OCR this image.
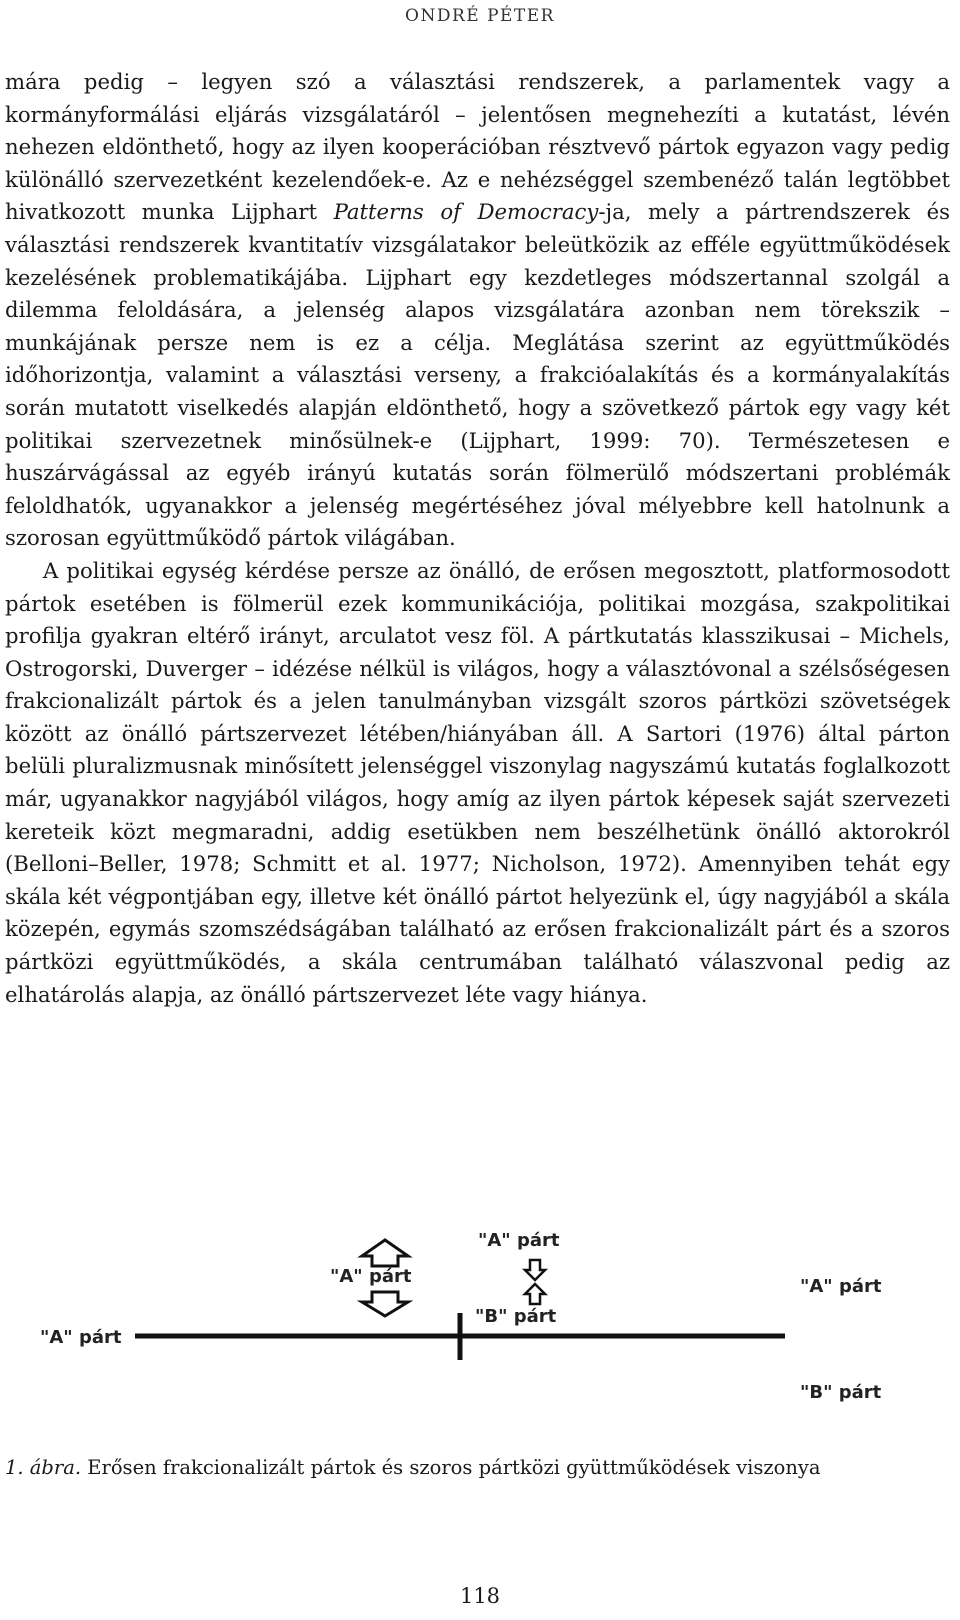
ONDRÉ PÉTER

mára pedig – legyen szó a választási rendszerek, a parlamentek vagy a kormányformálási eljárás vizsgálatáról – jelentősen megnehezíti a kutatást, lévén nehezen eldönthető, hogy az ilyen kooperációban résztvevő pártok egyazon vagy pedig különálló szervezetként kezelendőek-e. Az e nehézséggel szembenéző talán legtöbbet hivatkozott munka Lijphart Patterns of Democracy-ja, mely a pártrendszerek és választási rendszerek kvantitatív vizsgálatakor beleütközik az efféle együttműködések kezelésének problematikájába. Lijphart egy kezdetleges módszertannal szolgál a dilemma feloldására, a jelenség alapos vizsgálatára azonban nem törekszik – munkájának persze nem is ez a célja. Meglátása szerint az együttműködés időhorizontja, valamint a választási verseny, a frakcióalakítás és a kormányalakítás során mutatott viselkedés alapján eldönthető, hogy a szövetkező pártok egy vagy két politikai szervezetnek minősülnek-e (Lijphart, 1999: 70). Természetesen e huszárvágással az egyéb irányú kutatás során fölmerülő módszertani problémák feloldhatók, ugyanakkor a jelenség megértéséhez jóval mélyebbre kell hatolnunk a szorosan együttműködő pártok világában.

A politikai egység kérdése persze az önálló, de erősen megosztott, platformosodott pártok esetében is fölmerül ezek kommunikációja, politikai mozgása, szakpolitikai profilja gyakran eltérő irányt, arculatot vesz föl. A pártkutatás klasszikusai – Michels, Ostrogorski, Duverger – idézése nélkül is világos, hogy a választóvonal a szélsőségesen frakcionalizált pártok és a jelen tanulmányban vizsgált szoros pártközi szövetségek között az önálló pártszervezet létében/hiányában áll. A Sartori (1976) által párton belüli pluralizmusnak minősített jelenséggel viszonylag nagyszámú kutatás foglalkozott már, ugyanakkor nagyjából világos, hogy amíg az ilyen pártok képesek saját szervezeti kereteik közt megmaradni, addig esetükben nem beszélhetünk önálló aktorokról (Belloni–Beller, 1978; Schmitt et al. 1977; Nicholson, 1972). Amennyiben tehát egy skála két végpontjában egy, illetve két önálló pártot helyezünk el, úgy nagyjából a skála közepén, egymás szomszédságában található az erősen frakcionalizált párt és a szoros pártközi együttműködés, a skála centrumában található válaszvonal pedig az elhatárolás alapja, az önálló pártszervezet léte vagy hiánya.

"A" párt
"A" párt
"A" párt
"B" párt
"A" párt
"B" párt
1. ábra. Erősen frakcionalizált pártok és szoros pártközi gyüttműködések viszonya
118
